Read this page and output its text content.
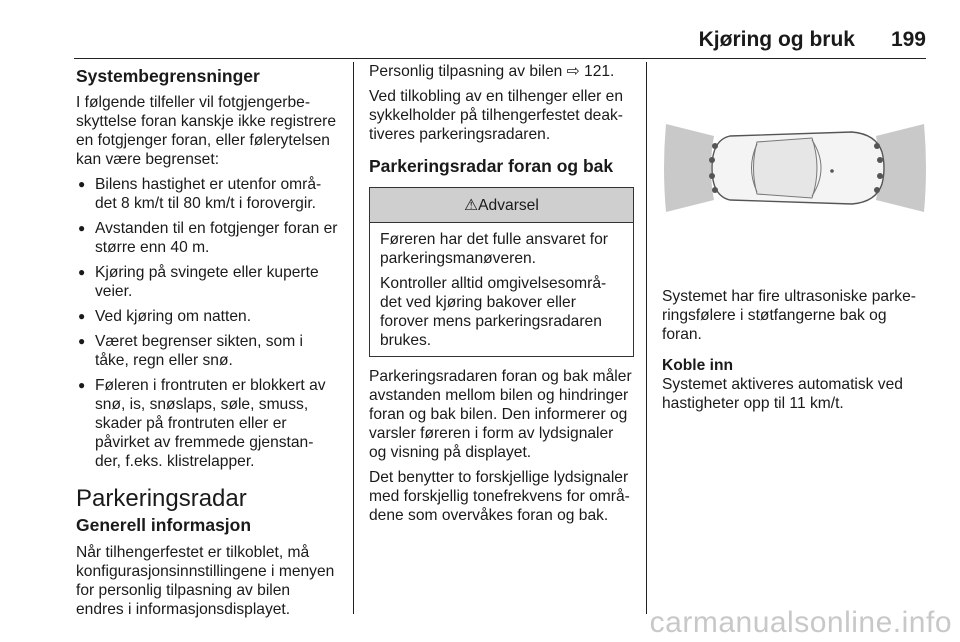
Kjøring og bruk 199
Systembegrensninger

I følgende tilfeller vil fotgjengerbe- skyttelse foran kanskje ikke registrere en fotgjenger foran, eller følerytelsen kan være begrenset:

● Bilens hastighet er utenfor områ- det 8 km/t til 80 km/t i forovergir.
● Avstanden til en fotgjenger foran er større enn 40 m.
● Kjøring på svingete eller kuperte veier.
● Ved kjøring om natten.
● Været begrenser sikten, som i tåke, regn eller snø.
● Føleren i frontruten er blokkert av snø, is, snøslaps, søle, smuss, skader på frontruten eller er påvirket av fremmede gjenstan- der, f.eks. klistrelapper.
Parkeringsradar
Generell informasjon

Når tilhengerfestet er tilkoblet, må konfigurasjonsinnstillingene i menyen for personlig tilpasning av bilen endres i informasjonsdisplayet.

Personlig tilpasning av bilen ⇨ 121.

Ved tilkobling av en tilhenger eller en sykkelholder på tilhengerfestet deak- tiveres parkeringsradaren.

Parkeringsradar foran og bak
⚠Advarsel

Føreren har det fulle ansvaret for parkeringsmanøveren.

Kontroller alltid omgivelsesområ- det ved kjøring bakover eller forover mens parkeringsradaren brukes.

Parkeringsradaren foran og bak måler avstanden mellom bilen og hindringer foran og bak bilen. Den informerer og varsler føreren i form av lydsignaler og visning på displayet.

Det benytter to forskjellige lydsignaler med forskjellig tonefrekvens for områ- dene som overvåkes foran og bak.

Systemet har fire ultrasoniske parke- ringsfølere i støtfangerne bak og foran.

Koble inn

Systemet aktiveres automatisk ved hastigheter opp til 11 km/t.

carmanualsonline.info
